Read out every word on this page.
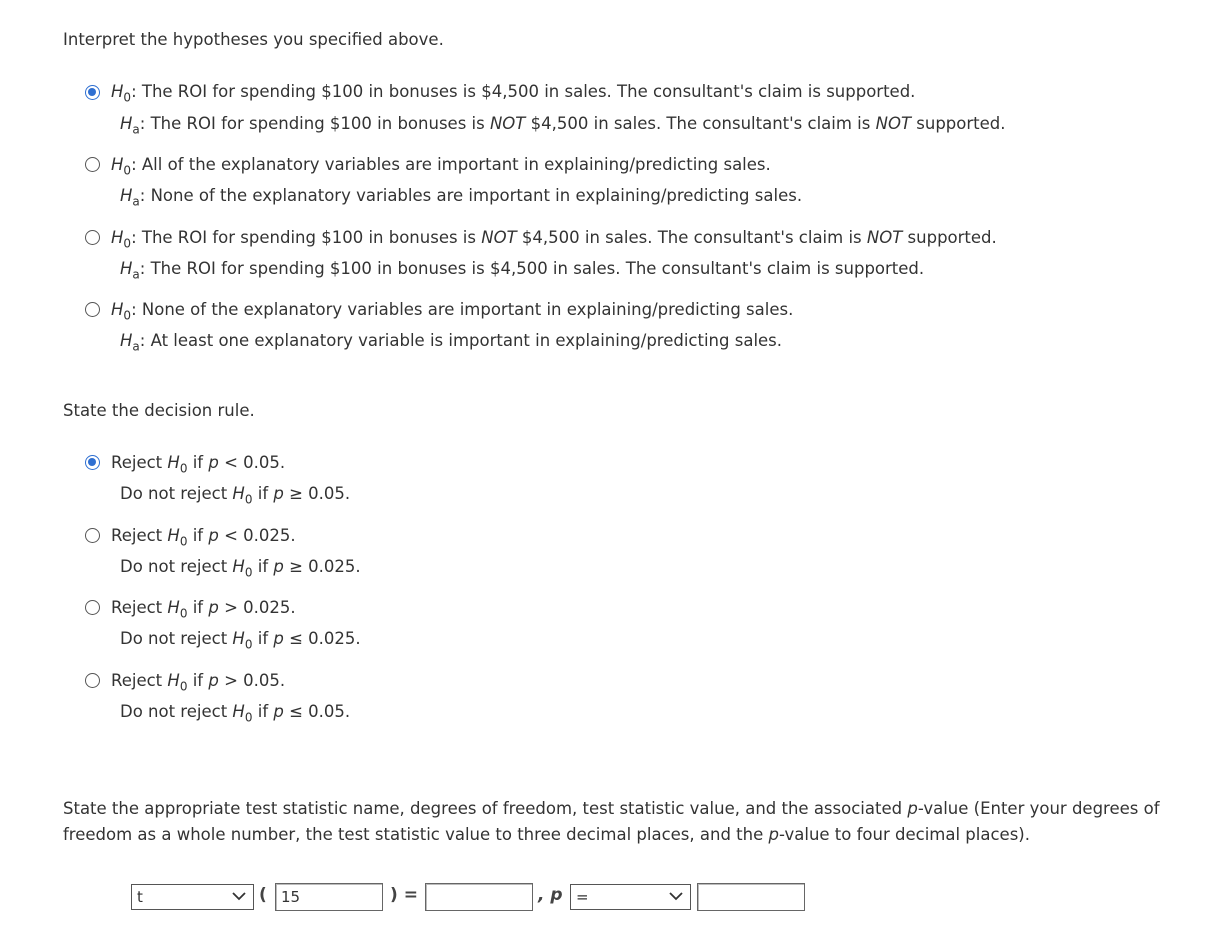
Interpret the hypotheses you specified above.
$H_0$: The ROI for spending $100 in bonuses is $4,500 in sales. The consultant's claim is supported.
$H_a$: The ROI for spending $100 in bonuses is NOT $4,500 in sales. The consultant's claim is NOT supported.
$H_0$: All of the explanatory variables are important in explaining/predicting sales.
$H_a$: None of the explanatory variables are important in explaining/predicting sales.
$H_0$: The ROI for spending $100 in bonuses is NOT $4,500 in sales. The consultant's claim is NOT supported.
$H_a$: The ROI for spending $100 in bonuses is $4,500 in sales. The consultant's claim is supported.
$H_0$: None of the explanatory variables are important in explaining/predicting sales.
$H_a$: At least one explanatory variable is important in explaining/predicting sales.
State the decision rule.
Reject $H_0$ if p < 0.05.
Do not reject $H_0$ if p ≥ 0.05.
Reject $H_0$ if p < 0.025.
Do not reject $H_0$ if p ≥ 0.025.
Reject $H_0$ if p > 0.025.
Do not reject $H_0$ if p ≤ 0.025.
Reject $H_0$ if p > 0.05.
Do not reject $H_0$ if p ≤ 0.05.
State the appropriate test statistic name, degrees of freedom, test statistic value, and the associated p-value (Enter your degrees of freedom as a whole number, the test statistic value to three decimal places, and the p-value to four decimal places).
t	( 15	) =	, p =
